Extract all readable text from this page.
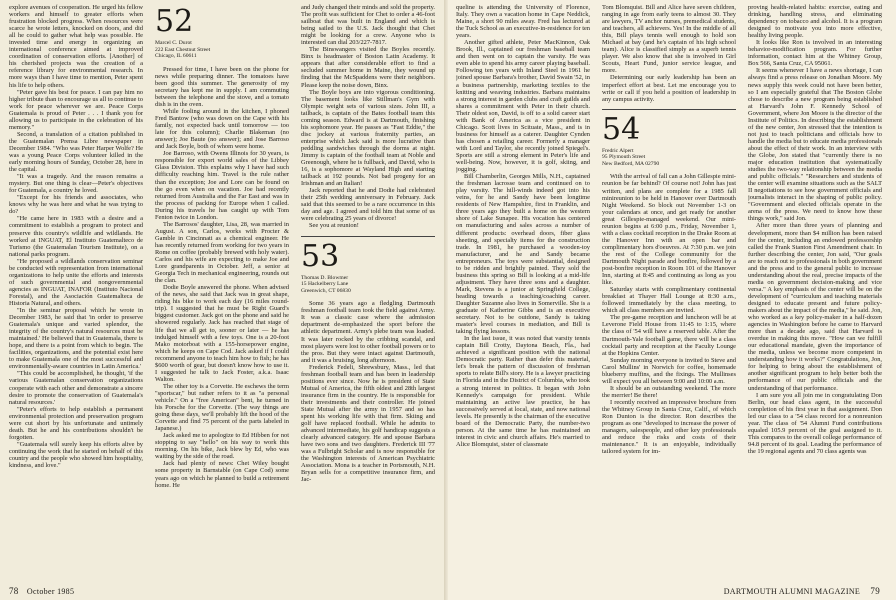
explore avenues of cooperation. He urged his fellow workers and himself to greater efforts when frustration blocked progress. When resources were scarce he wrote letters, knocked on doors, and did all he could to gather what help was possible. He invested time and energy in organizing an international conference aimed at improved coordination of conservation efforts. [Another] of his cherished projects was the creation of a reference library for environmental research. In more ways than I have time to mention, Peter spent his life to help others.

"Peter gave his best for peace. I can pay him no higher tribute than to encourage us all to continue to work for peace wherever we are. Peace Corps Guatemala is proud of Peter . . . I thank you for allowing us to participate in the celebration of his memory."

Second, a translation of a citation published in the Guatemalan Prensa Libre newspaper in December 1984. "Who was Peter Harper Wolfe? He was a young Peace Corps volunteer killed in the early morning hours of Sunday, October 28, here in the capital.

"It was a tragedy. And the reason remains a mystery. But one thing is clear—Peter's objectives for Guatemala, a country he loved.

"Except for his friends and associates, who knows why he was here and what he was trying to do?

"He came here in 1983 with a desire and a commitment to establish a program to protect and preserve this country's wildlife and wildlands. He worked at INGUAT, El Instituto Guatemalteco de Turismo (the Guatemalan Tourism Institute), on a national parks program.

"He proposed a wildlands conservation seminar be conducted with representation from international organizations to help unite the efforts and interests of such governmental and nongovernmental agencies as INGUAT, INAFOR (Instituto Nacional Forestal), and the Asociación Guatemalteca de Historia Natural, and others.

"In the seminar proposal which he wrote in December 1983, he said that 'in order to preserve Guatemala's unique and varied splendor, the integrity of the country's natural resources must be maintained.' He believed that in Guatemala, there is hope, and there is a point from which to begin. The facilities, organizations, and the potential exist here to make Guatemala one of the most successful and environmentally-aware countries in Latin America.'

"This could be accomplished, he thought, 'if the various Guatemalan conservation organizations cooperate with each other and demonstrate a sincere desire to promote the conservation of Guatemala's natural resources.'

"Peter's efforts to help establish a permanent environmental protection and preservation program were cut short by his unfortunate and untimely death. But he and his contributions shouldn't be forgotten.

"Guatemala will surely keep his efforts alive by continuing the work that he started on behalf of this country and the people who showed him hospitality, kindness, and love."

52
Marcel C. Durot
222 East Chestnut Street
Chicago, IL 60611

Pressed for time, I have been on the phone for news while preparing dinner. The tomatoes have been good this summer. The generosity of my secretary has kept me in supply. I am commuting between the telephone and the stove, and a tomato dish is in the oven.

While fooling around in the kitchen, I phoned Fred Bantow (who was down on the Cape with his family, not expected back until tomorrow — too late for this column); Charlie Blakeman (no answer); Joe Baute (no answer); and Jose Barroso and Jack Boyle, both of whom were home.

Joe Barroso, with Owens Illinois for 30 years, is responsible for export world sales of the Libbey Glass Division. This explains why I have had such difficulty reaching him. Travel is the rule rather than the exception; Joe and Lore can be found on the go even when on vacation. Joe had recently returned from Australia and the Far East and was in the process of packing for Europe when I called. During his travels he has caught up with Tom Fenton twice in London.

The Barrosos' daughter, Lisa, 28, was married in August. A son, Carlos, works with Procter & Gamble in Cincinnati as a chemical engineer. He has recently returned from working for two years in Rome on coffee (probably brewed with holy water). Carlos and his wife are expecting to make Joe and Lore grandparents in October. Jeff, a senior at Georgia Tech in mechanical engineering, rounds out the clan.

Dodie Boyle answered the phone. When advised of the news, she said that Jack was in great shape, riding his bike to work each day (16 miles round-trip). I suggested that he must be Right Guard's biggest customer. Jack got on the phone and said he showered regularly. Jack has reached that stage of life that we all get to, sooner or later — he has indulged himself with a few toys. One is a 20-foot Mako motorboat with a 155-horsepower engine, which he keeps on Cape Cod. Jack asked if I could recommend anyone to teach him how to fish; he has $600 worth of gear, but doesn't know how to use it. I suggested he talk to Jack Foster, a.k.a. Isaac Walton.

The other toy is a Corvette. He eschews the term "sportscar," but rather refers to it as "a personal vehicle." On a "free American" bent, he turned in his Porsche for the Corvette. (The way things are going these days, we'll probably lift the hood of the Corvette and find 75 percent of the parts labeled in Japanese.)

Jack asked me to apologize to Ed Hibben for not stopping to say "hello" on his way to work this morning. On his bike, Jack blew by Ed, who was waiting by the side of the road.

Jack had plenty of news: Chet Wiley bought some property in Barnstable (on Cape Cod) some years ago on which he planned to build a retirement home. He

and Judy changed their minds and sold the property. The profit was sufficient for Chet to order a 46-foot sailboat that was built in England and which is being sailed to the U.S. Jack thought that Chet might be looking for a crew. Anyone who is interested can dial 203/227-7817.

The Binswangers visited the Boyles recently. Binx is headmaster of Boston Latin Academy. It appears that after considerable effort to find a secluded summer home in Maine, they wound up finding that the McSpaddens were their neighbors. Please keep the noise down, Binx.

The Boyle boys are into vigorous conditioning. The basement looks like Stillman's Gym with Olympic weight sets of various sizes. John III, a tailback, is captain of the Bates football team this coming season. Edward is at Dartmouth, finishing his sophomore year. He passes as "Fast Eddie," the disc jockey at various fraternity parties, an enterprise which Jack said is more lucrative than peddling sandwiches through the dorms at night. Jimmy is captain of the football team at Noble and Greenough, where he is fullback, and David, who is 16, is a sophomore at Wayland High and starting tailback at 192 pounds. Not bad progeny for an Irishman and an Italian!

Jack reported that he and Dodie had celebrated their 25th wedding anniversary in February. Jack said that this seemed to be a rare occurrence in this day and age. I agreed and told him that some of us were celebrating 25 years of divorce!

See you at reunion!

53
Thomas D. Blowmer
15 Hackelberry Lane
Greenwich, CT 06830

Some 36 years ago a fledgling Dartmouth freshman football team took the field against Army. It was a classic case where the admission department de-emphasized the sport before the athletic department. Army's plebe team was loaded. It was later rocked by the cribbing scandal, and most players were lost to other football powers or to the pros. But they were intact against Dartmouth, and it was a bruising, long afternoon.

Frederick Fedeli, Shrewsbury, Mass., led that freshman football team and has been in leadership positions ever since. Now he is president of State Mutual of America, the fifth oldest and 28th largest insurance firm in the country. He is responsible for their investments and their controller. He joined State Mutual after the army in 1957 and so has spent his working life with that firm. Skiing and golf have replaced football. While he admits to advanced intermediate, his golf handicap suggests a clearly advanced category. He and spouse Barbara have two sons and two daughters. Frederick III '77 was a Fulbright Scholar and is now responsible for the Washington interests of American Psychiatric Association. Mona is a teacher in Portsmouth, N.H. Bryan sells for a competitive insurance firm, and Jac-

78 October 1985

queline is attending the University of Florence, Italy. They own a vacation home in Cape Neddick, Maine, a short 90 miles away. Fred has lectured at the Tuck School as an executive-in-residence for ten years.

Another gifted athlete, Peter MacKinnon, Oak Brook, Ill., captained our freshman baseball team and then went on to captain the varsity. He was even able to spend his army career playing baseball. Following ten years with Inland Steel in 1961 he joined spouse Barbara's brother, David Swain '52, in a business partnership, marketing textiles to the knitting and weaving industries. Barbara maintains a strong interest in garden clubs and craft guilds and shares a commitment with Peter in their church. Their oldest son, David, is off to a solid career start with Bank of America as a vice president in Chicago. Scott lives in Scituate, Mass., and is in business for himself as a caterer. Daughter Cynden has chosen a retailing career. Formerly a manager with Lord and Taylor, she recently joined Spiegel's. Sports are still a strong element in Peter's life and well-being. Now, however, it is golf, skiing, and jogging.

Bill Chamberlin, Georges Mills, N.H., captained the freshman lacrosse team and continued on to play varsity. The hill-winds indeed got into his veins, for he and Sandy have been longtime residents of New Hampshire, first in Franklin, and three years ago they built a home on the western shore of Lake Sunapee. His vocation has centered on manufacturing and sales across a number of different products: overhead doors, fiber glass sheeting, and specialty items for the construction trade. In 1981, he purchased a wooden-toy manufacturer, and he and Sandy became entrepreneurs. The toys were substantial, designed to be ridden and brightly painted. They sold the business this spring so Bill is looking at a mid-life adjustment. They have three sons and a daughter. Mark, Stevens is a junior at Springfield College, heading towards a teaching/coaching career. Daughter Suzanne also lives in Somerville. She is a graduate of Katherine Gibbs and is an executive secretary. Not to be outdone, Sandy is taking master's level courses in mediation, and Bill is taking flying lessons.

In the last issue, it was noted that varsity tennis captain Bill Crotty, Daytona Beach, Fla., had achieved a significant position with the national Democratic party. Rather than defer this material, let's break the pattern of discussion of freshman sports to relate Bill's story. He is a lawyer practicing in Florida and in the District of Columbia, who took a strong interest in politics. It began with John Kennedy's campaign for president. While maintaining an active law practice, he has successively served at local, state, and now national levels. He presently is the chairman of the executive board of the Democratic Party, the number-two person. At the same time he has maintained an interest in civic and church affairs. He's married to Alice Blomquist, sister of classmate

Tom Blomquist. Bill and Alice have seven children, ranging in age from early teens to almost 30. They are lawyers, TV anchor nurses, premedical students, and teachers, all achievers. Yes! In the middle of all this, Bill plays tennis well enough to hold son Michael at bay (and he's captain of his high school team). Alice is classified simply as a superb tennis player. We also know that she is involved in Girl Scouts, Heart Fund, junior service league, and more.

Determining our early leadership has been an imperfect effort at best. Let me encourage you to write or call if you held a position of leadership in any campus activity.

54
Fredric Alpert
95 Plymouth Street
New Bedford, MA 02790

With the arrival of fall can a John Gillespie mini-reunion be far behind? Of course not! John has just written, and plans are complete for a 1985 fall minireunion to be held in Hanover over Dartmouth Night Weekend. So block out November 1-3 on your calendars at once, and get ready for another great Gillespie-managed weekend. Our mini-reunion begins at 6:00 p.m., Friday, November 1, with a class cocktail reception in the Drake Room at the Hanover Inn with an open bar and complimentary hors d'oeuvres. At 7:30 p.m. we join the rest of the College community for the Dartmouth Night parade and bonfire, followed by a post-bonfire reception in Room 101 of the Hanover Inn, starting at 8:45 and continuing as long as you like.

Saturday starts with complimentary continental breakfast at Thayer Hall Lounge at 8:30 a.m., followed immediately by the class meeting, to which all class members are invited.

The pre-game reception and luncheon will be at Leverone Field House from 11:45 to 1:15, where the class of '54 will have a reserved table. After the Dartmouth-Yale football game, there will be a class cocktail party and reception at the Faculty Lounge at the Hopkins Center.

Sunday morning everyone is invited to Steve and Carol Mullins' in Norwich for coffee, homemade blueberry muffins, and the fixings. The Mullinses will expect you all between 9:00 and 10:00 a.m.

It should be an outstanding weekend. The more the merrier! Be there!

I recently received an impressive brochure from the Whitney Group in Santa Cruz, Calif., of which Ron Dunton is the director. Ron describes the program as one "developed to increase the power of managers, salespeople, and other key professionals and reduce the risks and costs of their maintenance." It is an enjoyable, individually tailored system for im-

proving health-related habits: exercise, eating and drinking, handling stress, and eliminating dependency on tobacco and alcohol. It is a program designed to motivate you into more effective, healthy living people.

It looks like Ron is involved in an interesting behavior-modification program. For further information, contact him at the Whitney Group, Box 566, Santa Cruz, CA 95061.

It seems whenever I have a news shortage, I can always find a press release on Jonathan Moore. My news supply this week could not have been better, so I am especially grateful that The Boston Globe chose to describe a new program being established at Harvard's John F. Kennedy School of Government, where Jon Moore is the director of the Institute of Politics. In describing the establishment of the new center, Jon stressed that the intention is not just to teach politicians and officials how to handle the media but to educate media professionals about the effect of their work. In an interview with the Globe, Jon stated that "currently there is no major education institution that systematically studies the two-way relationship between the media and public officials." "Researchers and students of the center will examine situations such as the SALT II negotiations to see how government officials and journalists interact in the shaping of public policy. "Government and elected officials operate in the arena of the press. We need to know how these things work," said Jon.

After more than three years of planning and development, more than $4 million has been raised for the center, including an endowed professorship called the Frank Stanton First Amendment chair. In further describing the center, Jon said, "Our goals are to reach out to professionals in both government and the press and to the general public to increase understanding about the real, precise impacts of the media on government decision-making and vice versa." A key emphasis of the center will be on the development of "curriculum and teaching materials designed to educate present and future policy-makers about the impact of the media," he said. Jon, who worked as a key policy-maker in a half-dozen agencies in Washington before he came to Harvard more than a decade ago, said that Harvard is overdue in making this move. "How can we fulfill our educational mandate, given the importance of the media, unless we become more competent in understanding how it works?" Congratulations, Jon, for helping to bring about the establishment of another significant program to help better both the performance of our public officials and the understanding of that performance.

I am sure you all join me in congratulating Don Berlin, our head class agent, in the successful completion of his first year in that assignment. Don led our class to a '54 class record for a nonreunion year. The class of '54 Alumni Fund contributions equaled 105.9 percent of the goal assigned to it. This compares to the overall college performance of 94.8 percent of its goal. Leading the performance of the 19 regional agents and 70 class agents was

DARTMOUTH ALUMNI MAGAZINE 79
